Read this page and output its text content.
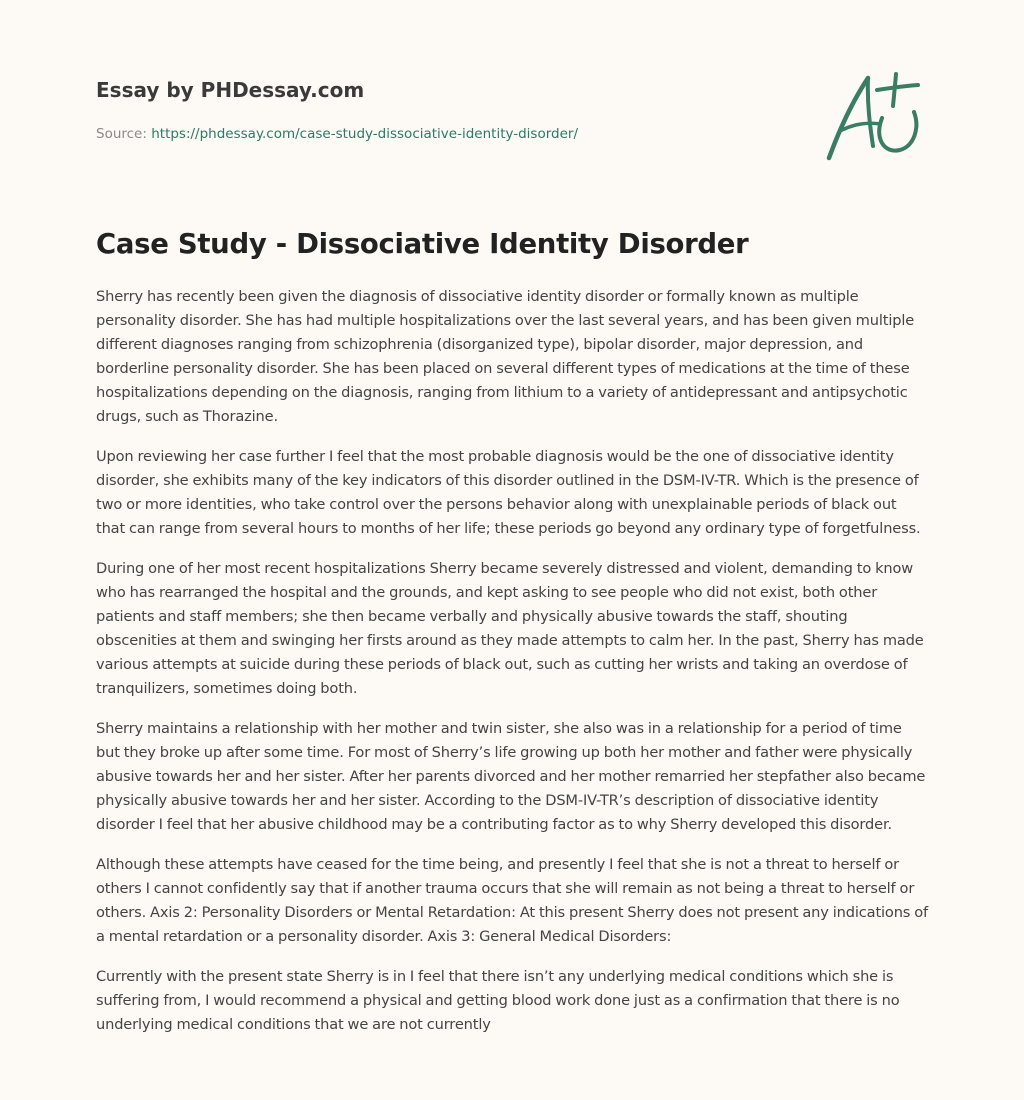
Essay by PHDessay.com
Source: https://phdessay.com/case-study-dissociative-identity-disorder/
Case Study - Dissociative Identity Disorder

Sherry has recently been given the diagnosis of dissociative identity disorder or formally known as multiple personality disorder. She has had multiple hospitalizations over the last several years, and has been given multiple different diagnoses ranging from schizophrenia (disorganized type), bipolar disorder, major depression, and borderline personality disorder. She has been placed on several different types of medications at the time of these hospitalizations depending on the diagnosis, ranging from lithium to a variety of antidepressant and antipsychotic drugs, such as Thorazine.

Upon reviewing her case further I feel that the most probable diagnosis would be the one of dissociative identity disorder, she exhibits many of the key indicators of this disorder outlined in the DSM-IV-TR. Which is the presence of two or more identities, who take control over the persons behavior along with unexplainable periods of black out that can range from several hours to months of her life; these periods go beyond any ordinary type of forgetfulness.

During one of her most recent hospitalizations Sherry became severely distressed and violent, demanding to know who has rearranged the hospital and the grounds, and kept asking to see people who did not exist, both other patients and staff members; she then became verbally and physically abusive towards the staff, shouting obscenities at them and swinging her firsts around as they made attempts to calm her. In the past, Sherry has made various attempts at suicide during these periods of black out, such as cutting her wrists and taking an overdose of tranquilizers, sometimes doing both.

Sherry maintains a relationship with her mother and twin sister, she also was in a relationship for a period of time but they broke up after some time. For most of Sherry’s life growing up both her mother and father were physically abusive towards her and her sister. After her parents divorced and her mother remarried her stepfather also became physically abusive towards her and her sister. According to the DSM-IV-TR’s description of dissociative identity disorder I feel that her abusive childhood may be a contributing factor as to why Sherry developed this disorder.

Although these attempts have ceased for the time being, and presently I feel that she is not a threat to herself or others I cannot confidently say that if another trauma occurs that she will remain as not being a threat to herself or others. Axis 2: Personality Disorders or Mental Retardation: At this present Sherry does not present any indications of a mental retardation or a personality disorder. Axis 3: General Medical Disorders:

Currently with the present state Sherry is in I feel that there isn’t any underlying medical conditions which she is suffering from, I would recommend a physical and getting blood work done just as a confirmation that there is no underlying medical conditions that we are not currently
